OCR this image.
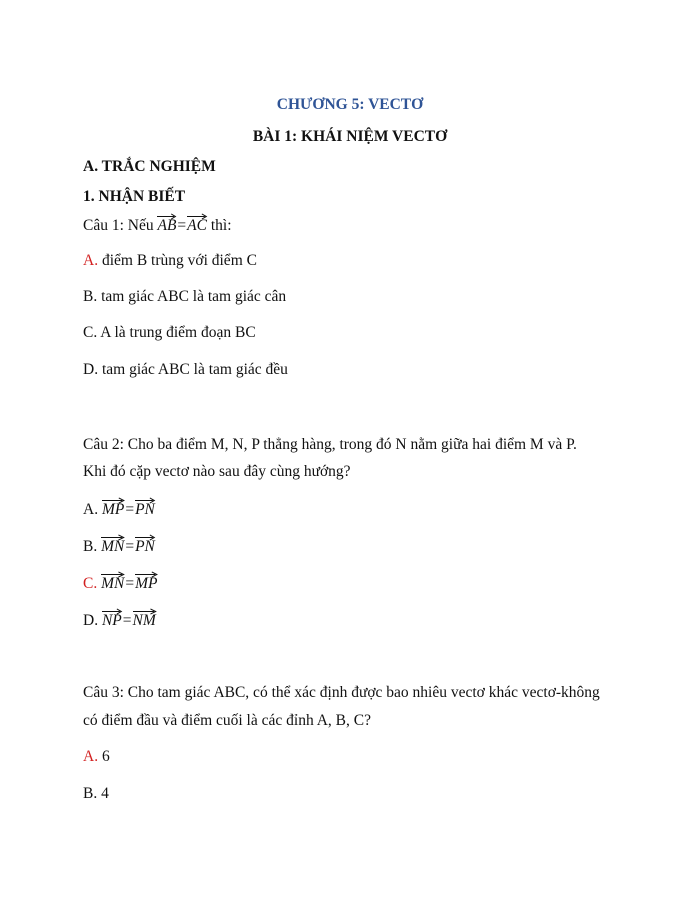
CHƯƠNG 5: VECTƠ
BÀI 1: KHÁI NIỆM VECTƠ
A. TRẮC NGHIỆM
1. NHẬN BIẾT
Câu 1: Nếu AB
=AC thì:
A. điểm B trùng với điểm C
B. tam giác ABC là tam giác cân
C. A là trung điểm đoạn BC
D. tam giác ABC là tam giác đều
Câu 2: Cho ba điểm M, N, P thẳng hàng, trong đó N nằm giữa hai điểm M và P.
Khi đó cặp vectơ nào sau đây cùng hướng?
A. MP
=PN
B. MN
=PN
C. MN
=MP
D. NP
=NM
Câu 3: Cho tam giác ABC, có thể xác định được bao nhiêu vectơ khác vectơ-không
có điểm đầu và điểm cuối là các đỉnh A, B, C?
A. 6
B. 4
